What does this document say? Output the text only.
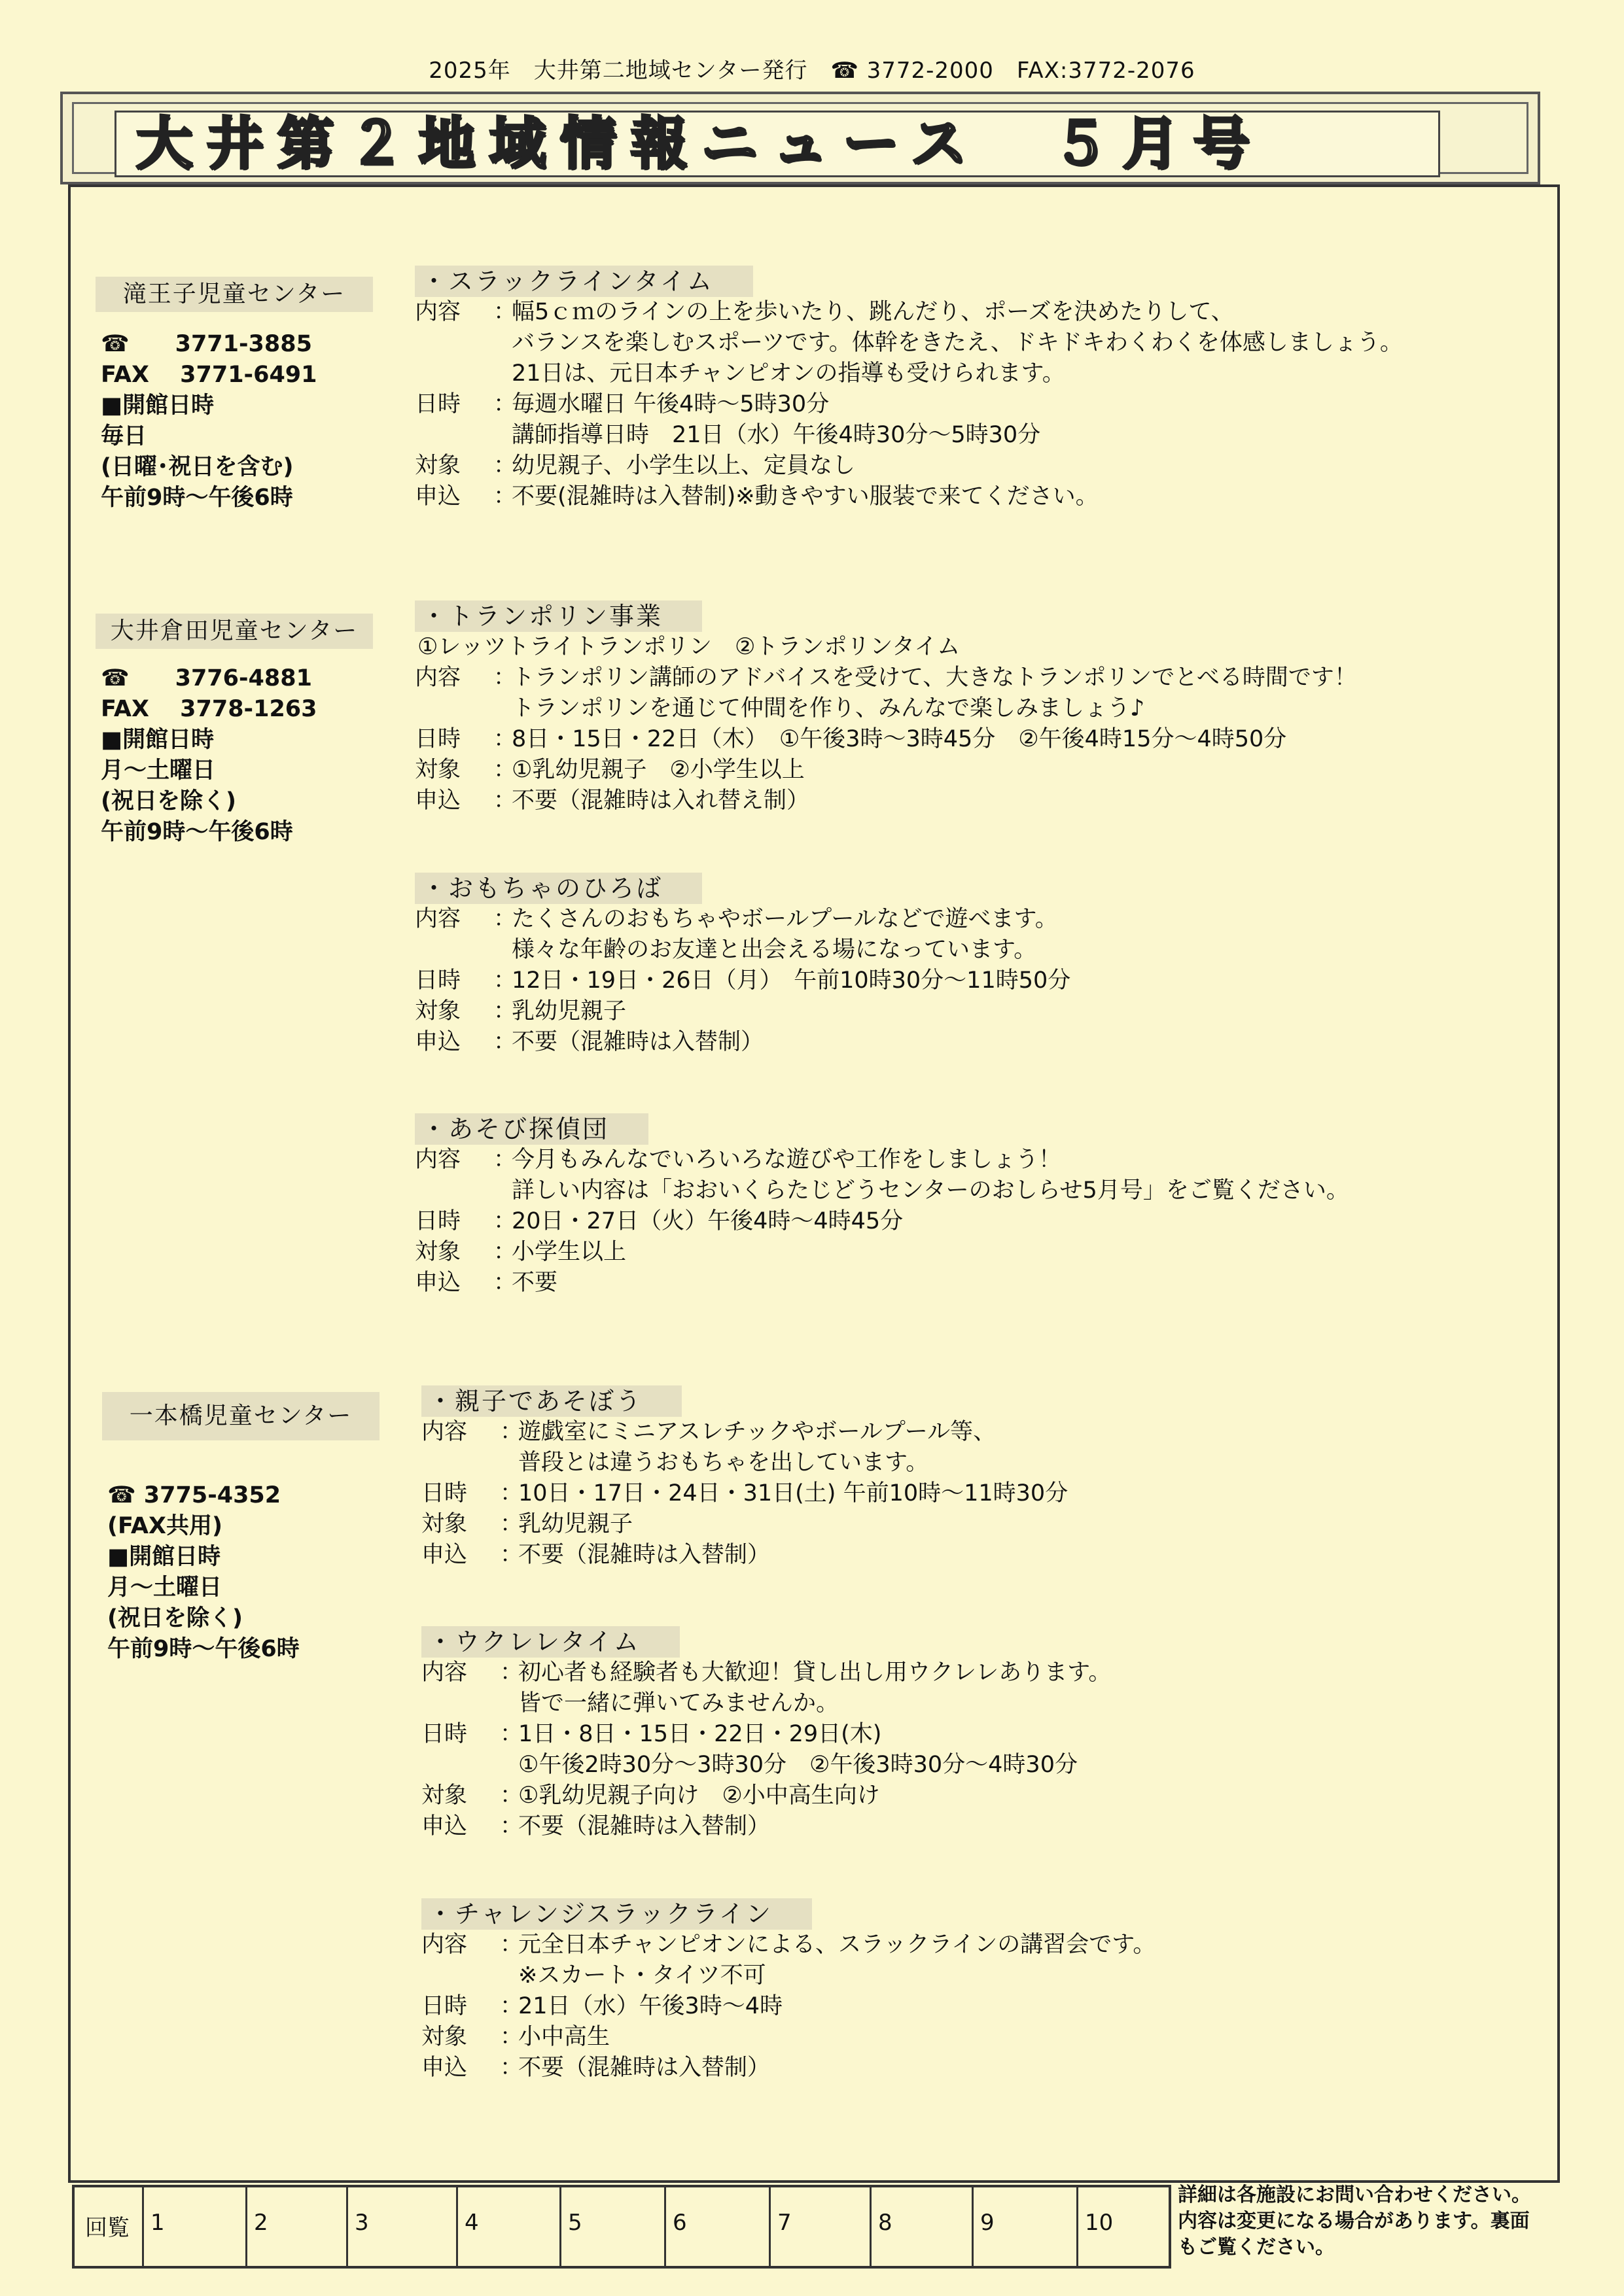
2025年　大井第二地域センター発行　☎ 3772-2000　FAX:3772-2076
大井第２地域情報ニュース　５月号
滝王子児童センター
☎　　3771-3885
FAX　 3771-6491
■開館日時
毎日
(日曜･祝日を含む)
午前9時～午後6時
大井倉田児童センター
☎　　3776-4881
FAX　 3778-1263
■開館日時
月～土曜日
(祝日を除く)
午前9時～午後6時
一本橋児童センター
☎ 3775-4352
(FAX共用)
■開館日時
月～土曜日
(祝日を除く)
午前9時～午後6時
・スラックラインタイム
内容	：
幅5ｃｍのラインの上を歩いたり、跳んだり、ポーズを決めたりして、
バランスを楽しむスポーツです。体幹をきたえ、ドキドキわくわくを体感しましょう。
21日は、元日本チャンピオンの指導も受けられます。
日時	：
毎週水曜日 午後4時～5時30分
講師指導日時　21日（水）午後4時30分～5時30分
対象	：
幼児親子、小学生以上、定員なし
申込	：
不要(混雑時は入替制)※動きやすい服装で来てください。
・トランポリン事業
①レッツトライトランポリン　②トランポリンタイム
内容	：
トランポリン講師のアドバイスを受けて、大きなトランポリンでとべる時間です！
トランポリンを通じて仲間を作り、みんなで楽しみましょう♪
日時	：
8日・15日・22日（木）　①午後3時～3時45分　②午後4時15分～4時50分
対象	：
①乳幼児親子　②小学生以上
申込	：
不要（混雑時は入れ替え制）
・おもちゃのひろば
内容	：
たくさんのおもちゃやボールプールなどで遊べます。
様々な年齢のお友達と出会える場になっています。
日時	：
12日・19日・26日（月）　午前10時30分～11時50分
対象	：
乳幼児親子
申込	：
不要（混雑時は入替制）
・あそび探偵団
内容	：
今月もみんなでいろいろな遊びや工作をしましょう！
詳しい内容は「おおいくらたじどうセンターのおしらせ5月号」をご覧ください。
日時	：
20日・27日（火）午後4時～4時45分
対象	：
小学生以上
申込	：
不要
・親子であそぼう
内容	：
遊戯室にミニアスレチックやボールプール等、
普段とは違うおもちゃを出しています。
日時	：
10日・17日・24日・31日(土) 午前10時～11時30分
対象	：
乳幼児親子
申込	：
不要（混雑時は入替制）
・ウクレレタイム
内容	：
初心者も経験者も大歓迎！貸し出し用ウクレレあります。
皆で一緒に弾いてみませんか。
日時	：
1日・8日・15日・22日・29日(木)
①午後2時30分～3時30分　②午後3時30分～4時30分
対象	：
①乳幼児親子向け　②小中高生向け
申込	：
不要（混雑時は入替制）
・チャレンジスラックライン
内容	：
元全日本チャンピオンによる、スラックラインの講習会です。
※スカート・タイツ不可
日時	：
21日（水）午後3時～4時
対象	：
小中高生
申込	：
不要（混雑時は入替制）
回覧 1	2	3	4	5	6	7	8	9	10
詳細は各施設にお問い合わせください。内容は変更になる場合があります。裏面もご覧ください。
